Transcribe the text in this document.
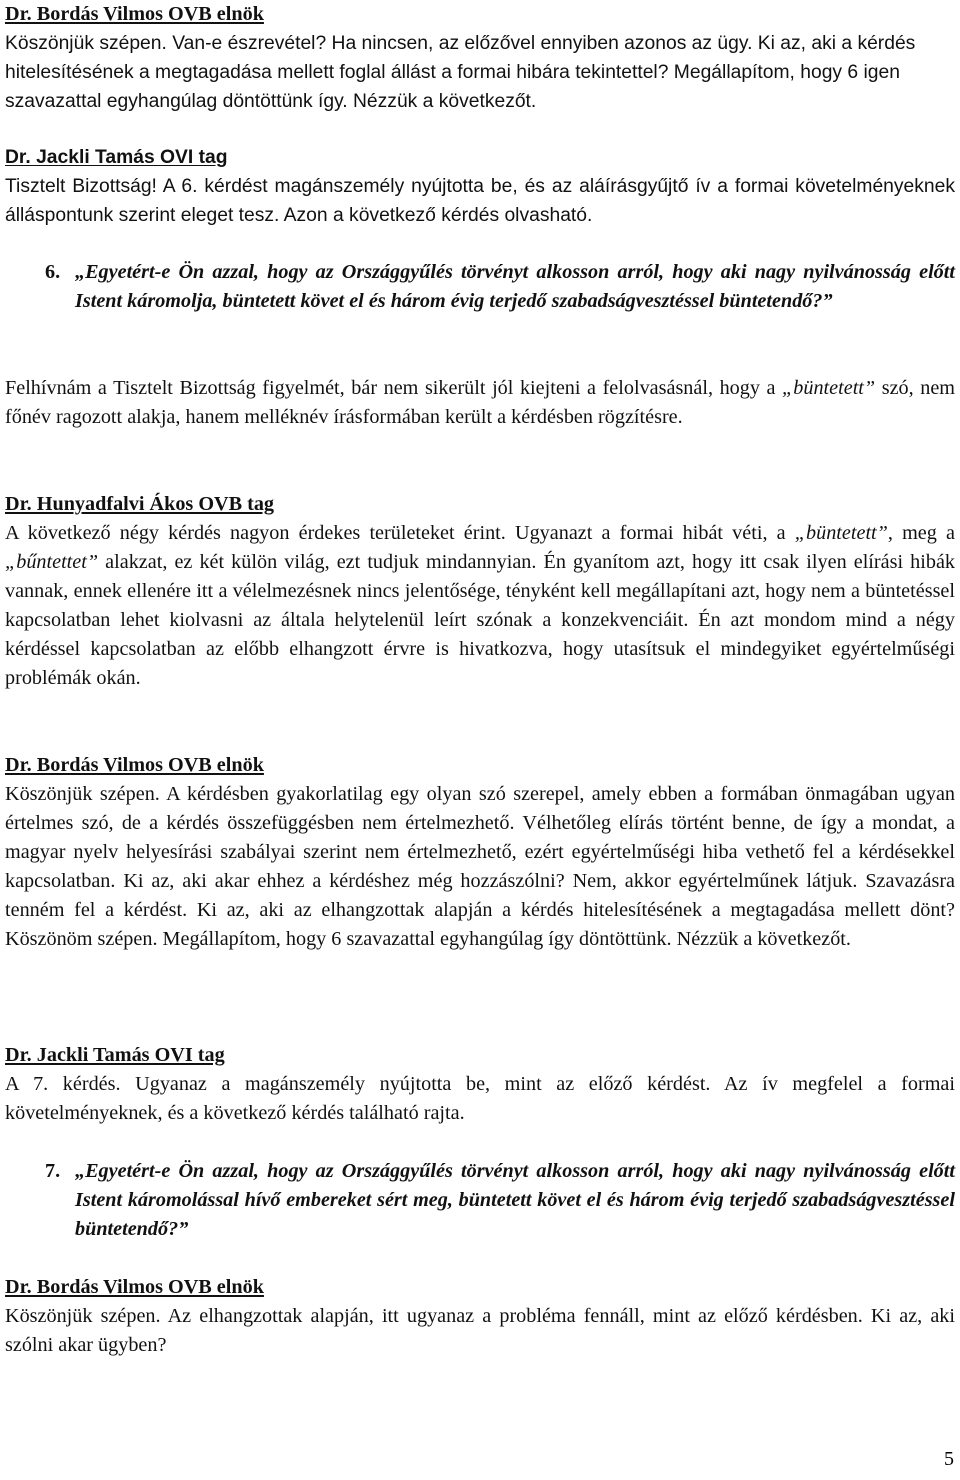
Dr. Bordás Vilmos OVB elnök

Köszönjük szépen. Van-e észrevétel? Ha nincsen, az előzővel ennyiben azonos az ügy. Ki az, aki a kérdés hitelesítésének a megtagadása mellett foglal állást a formai hibára tekintettel? Megállapítom, hogy 6 igen szavazattal egyhangúlag döntöttünk így. Nézzük a következőt.

Dr. Jackli Tamás OVI tag

Tisztelt Bizottság! A 6. kérdést magánszemély nyújtotta be, és az aláírásgyűjtő ív a formai követelményeknek álláspontunk szerint eleget tesz. Azon a következő kérdés olvasható.

6. „Egyetért-e Ön azzal, hogy az Országgyűlés törvényt alkosson arról, hogy aki nagy nyilvánosság előtt Istent káromolja, büntetett követ el és három évig terjedő szabadságvesztéssel büntetendő?”

Felhívnám a Tisztelt Bizottság figyelmét, bár nem sikerült jól kiejteni a felolvasásnál, hogy a „büntetett” szó, nem főnév ragozott alakja, hanem melléknév írásformában került a kérdésben rögzítésre.

Dr. Hunyadfalvi Ákos OVB tag

A következő négy kérdés nagyon érdekes területeket érint. Ugyanazt a formai hibát véti, a „büntetett”, meg a „bűntettet” alakzat, ez két külön világ, ezt tudjuk mindannyian. Én gyanítom azt, hogy itt csak ilyen elírási hibák vannak, ennek ellenére itt a vélelmezésnek nincs jelentősége, tényként kell megállapítani azt, hogy nem a büntetéssel kapcsolatban lehet kiolvasni az általa helytelenül leírt szónak a konzekvenciáit. Én azt mondom mind a négy kérdéssel kapcsolatban az előbb elhangzott érvre is hivatkozva, hogy utasítsuk el mindegyiket egyértelműségi problémák okán.

Dr. Bordás Vilmos OVB elnök

Köszönjük szépen. A kérdésben gyakorlatilag egy olyan szó szerepel, amely ebben a formában önmagában ugyan értelmes szó, de a kérdés összefüggésben nem értelmezhető. Vélhetőleg elírás történt benne, de így a mondat, a magyar nyelv helyesírási szabályai szerint nem értelmezhető, ezért egyértelműségi hiba vethető fel a kérdésekkel kapcsolatban. Ki az, aki akar ehhez a kérdéshez még hozzászólni? Nem, akkor egyértelműnek látjuk. Szavazásra tenném fel a kérdést. Ki az, aki az elhangzottak alapján a kérdés hitelesítésének a megtagadása mellett dönt? Köszönöm szépen. Megállapítom, hogy 6 szavazattal egyhangúlag így döntöttünk. Nézzük a következőt.

Dr. Jackli Tamás OVI tag

A 7. kérdés. Ugyanaz a magánszemély nyújtotta be, mint az előző kérdést. Az ív megfelel a formai követelményeknek, és a következő kérdés található rajta.

7. „Egyetért-e Ön azzal, hogy az Országgyűlés törvényt alkosson arról, hogy aki nagy nyilvánosság előtt Istent káromolással hívő embereket sért meg, büntetett követ el és három évig terjedő szabadságvesztéssel büntetendő?”
Dr. Bordás Vilmos OVB elnök

Köszönjük szépen. Az elhangzottak alapján, itt ugyanaz a probléma fennáll, mint az előző kérdésben. Ki az, aki szólni akar ügyben?

5
